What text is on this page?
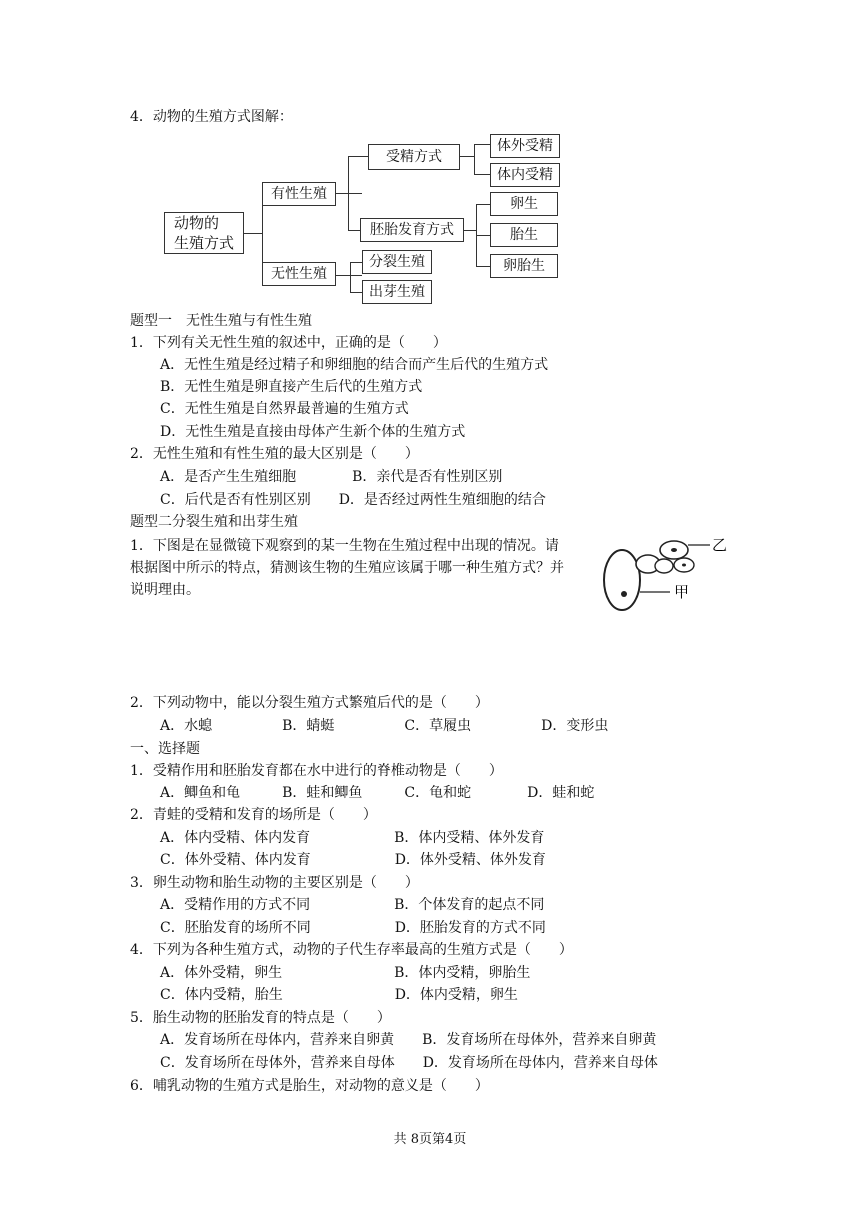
4．动物的生殖方式图解：
动物的
生殖方式
有性生殖
无性生殖
受精方式
胚胎发育方式
体外受精
体内受精
卵生
胎生
卵胎生
分裂生殖
出芽生殖
题型一　无性生殖与有性生殖
1．下列有关无性生殖的叙述中，正确的是（　　）
A．无性生殖是经过精子和卵细胞的结合而产生后代的生殖方式
B．无性生殖是卵直接产生后代的生殖方式
C．无性生殖是自然界最普遍的生殖方式
D．无性生殖是直接由母体产生新个体的生殖方式
2．无性生殖和有性生殖的最大区别是（　　）
A．是否产生生殖细胞　　　　B．亲代是否有性别区别
C．后代是否有性别区别　　D．是否经过两性生殖细胞的结合
题型二分裂生殖和出芽生殖
1．下图是在显微镜下观察到的某一生物在生殖过程中出现的情况。请
根据图中所示的特点，猜测该生物的生殖应该属于哪一种生殖方式？并
说明理由。
2．下列动物中，能以分裂生殖方式繁殖后代的是（　　）
A．水螅　　　　　B．蜻蜓　　　　　C．草履虫　　　　　D．变形虫
一、选择题
1．受精作用和胚胎发育都在水中进行的脊椎动物是（　　）
A．鲫鱼和龟　　　B．蛙和鲫鱼　　　C．龟和蛇　　　　D．蛙和蛇
2．青蛙的受精和发育的场所是（　　）
A．体内受精、体内发育　　　　　　B．体内受精、体外发育
C．体外受精、体内发育　　　　　　D．体外受精、体外发育
3．卵生动物和胎生动物的主要区别是（　　）
A．受精作用的方式不同　　　　　　B．个体发育的起点不同
C．胚胎发育的场所不同　　　　　　D．胚胎发育的方式不同
4．下列为各种生殖方式，动物的子代生存率最高的生殖方式是（　　）
A．体外受精，卵生　　　　　　　　B．体内受精，卵胎生
C．体内受精，胎生　　　　　　　　D．体内受精，卵生
5．胎生动物的胚胎发育的特点是（　　）
A．发育场所在母体内，营养来自卵黄　　B．发育场所在母体外，营养来自卵黄
C．发育场所在母体外，营养来自母体　　D．发育场所在母体内，营养来自母体
6．哺乳动物的生殖方式是胎生，对动物的意义是（　　）
乙
甲
共 8页第4页
